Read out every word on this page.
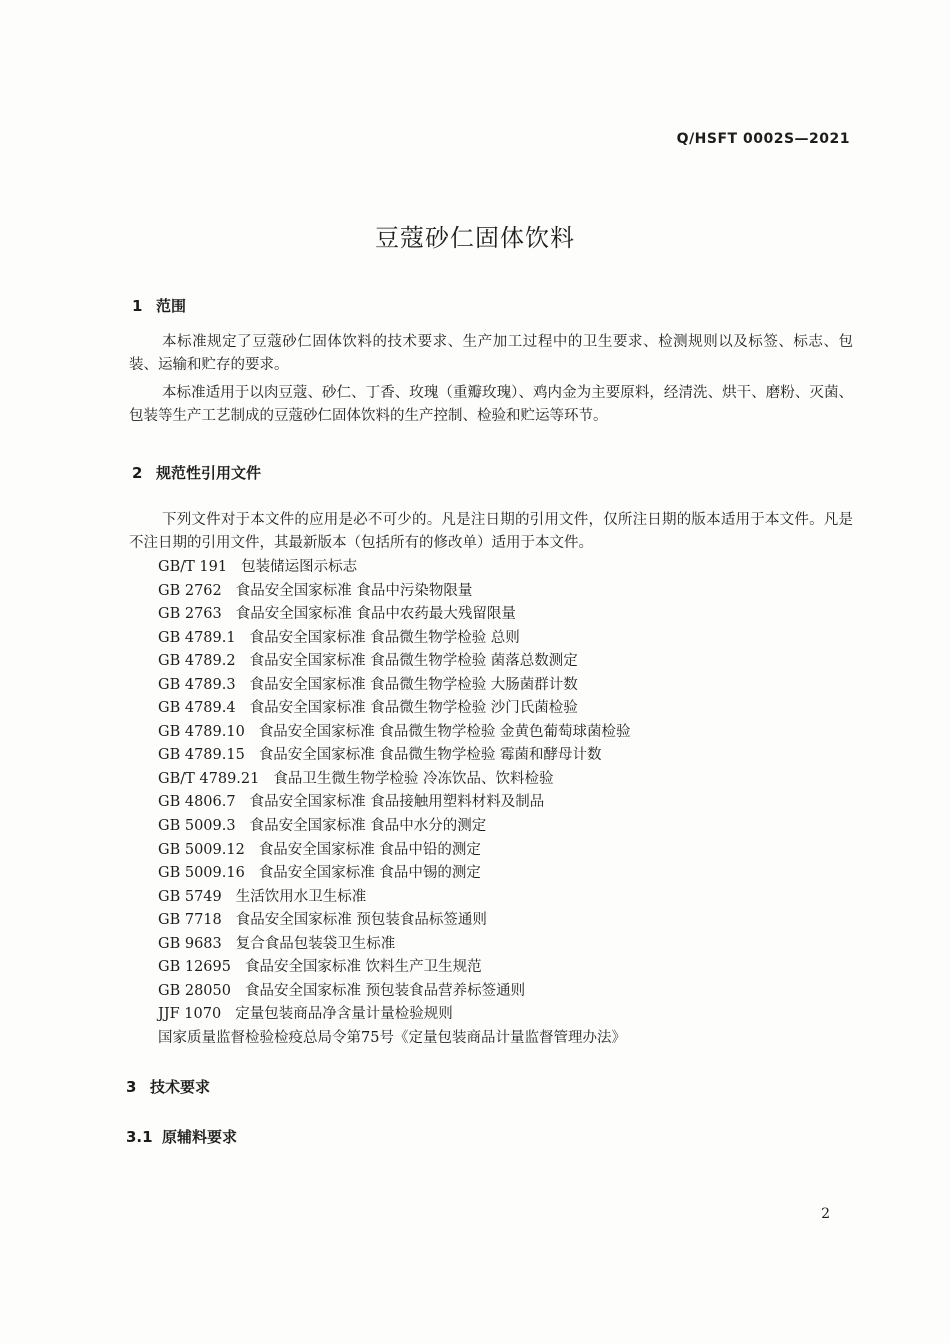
Q/HSFT 0002S—2021
豆蔻砂仁固体饮料
1 范围

本标准规定了豆蔻砂仁固体饮料的技术要求、生产加工过程中的卫生要求、检测规则以及标签、标志、包装、运输和贮存的要求。

本标准适用于以肉豆蔻、砂仁、丁香、玫瑰（重瓣玫瑰）、鸡内金为主要原料，经清洗、烘干、磨粉、灭菌、包装等生产工艺制成的豆蔻砂仁固体饮料的生产控制、检验和贮运等环节。

2 规范性引用文件

下列文件对于本文件的应用是必不可少的。凡是注日期的引用文件，仅所注日期的版本适用于本文件。凡是不注日期的引用文件，其最新版本（包括所有的修改单）适用于本文件。

GB/T 191 包装储运图示标志
GB 2762 食品安全国家标准 食品中污染物限量
GB 2763 食品安全国家标准 食品中农药最大残留限量
GB 4789.1 食品安全国家标准 食品微生物学检验 总则
GB 4789.2 食品安全国家标准 食品微生物学检验 菌落总数测定
GB 4789.3 食品安全国家标准 食品微生物学检验 大肠菌群计数
GB 4789.4 食品安全国家标准 食品微生物学检验 沙门氏菌检验
GB 4789.10 食品安全国家标准 食品微生物学检验 金黄色葡萄球菌检验
GB 4789.15 食品安全国家标准 食品微生物学检验 霉菌和酵母计数
GB/T 4789.21 食品卫生微生物学检验 冷冻饮品、饮料检验
GB 4806.7 食品安全国家标准 食品接触用塑料材料及制品
GB 5009.3 食品安全国家标准 食品中水分的测定
GB 5009.12 食品安全国家标准 食品中铅的测定
GB 5009.16 食品安全国家标准 食品中锡的测定
GB 5749 生活饮用水卫生标准
GB 7718 食品安全国家标准 预包装食品标签通则
GB 9683 复合食品包装袋卫生标准
GB 12695 食品安全国家标准 饮料生产卫生规范
GB 28050 食品安全国家标准 预包装食品营养标签通则
JJF 1070 定量包装商品净含量计量检验规则
国家质量监督检验检疫总局令第75号《定量包装商品计量监督管理办法》
3 技术要求
3.1 原辅料要求
2
